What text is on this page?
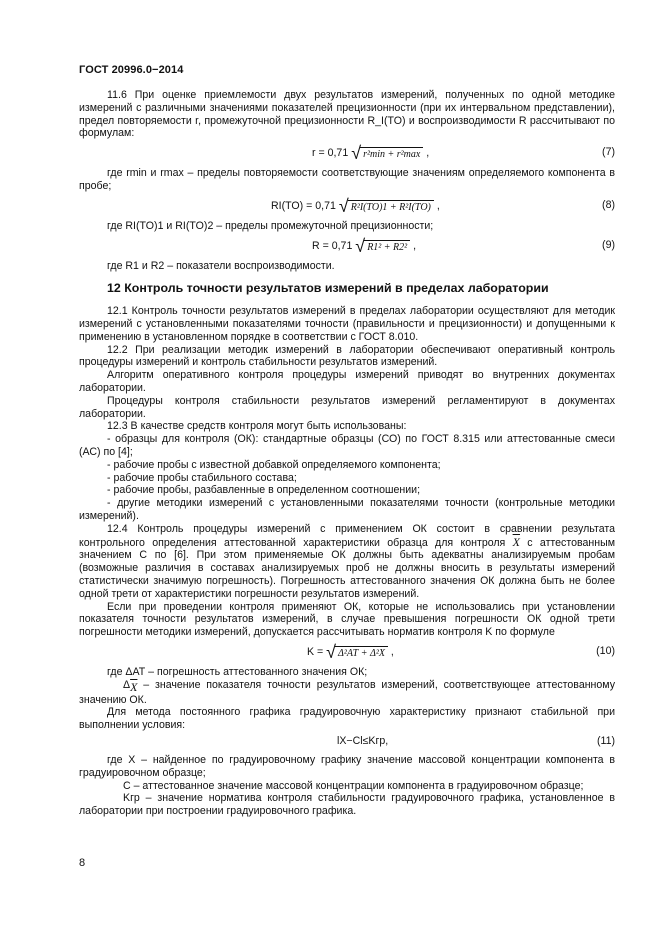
ГОСТ 20996.0−2014

11.6 При оценке приемлемости двух результатов измерений, полученных по одной методике измерений c различными значениями показателей прецизионности (при их интервальном представлении), предел повторяемости r, промежуточной прецизионности R_I(TO) и воспроизводимости R рассчитывают по формулам:

r = 0,71 √ r²min + r²max ,	(7)

где rmin и rmax – пределы повторяемости соответствующие значениям определяемого компонента в пробе;

RI(TO) = 0,71 √ R²I(TO)1 + R²I(TO) ,	(8)

где RI(TO)1 и RI(TO)2 – пределы промежуточной прецизионности;

R = 0,71 √ R1² + R2² ,	(9)

где R1 и R2 – показатели воспроизводимости.

12 Контроль точности результатов измерений в пределах лаборатории

12.1 Контроль точности результатов измерений в пределах лаборатории осуществляют для методик измерений с установленными показателями точности (правильности и прецизионности) и допущенными к применению в установленном порядке в соответствии с ГОСТ 8.010.

12.2 При реализации методик измерений в лаборатории обеспечивают оперативный контроль процедуры измерений и контроль стабильности результатов измерений.

Алгоритм оперативного контроля процедуры измерений приводят во внутренних документах лаборатории.

Процедуры контроля стабильности результатов измерений регламентируют в документах лаборатории.

12.3 В качестве средств контроля могут быть использованы:

- образцы для контроля (ОК): стандартные образцы (СО) по ГОСТ 8.315 или аттестованные смеси (АС) по [4];

- рабочие пробы с известной добавкой определяемого компонента;

- рабочие пробы стабильного состава;

- рабочие пробы, разбавленные в определенном соотношении;

- другие методики измерений с установленными показателями точности (контрольные методики измерений).

12.4 Контроль процедуры измерений с применением ОК состоит в сравнении результата контрольного определения аттестованной характеристики образца для контроля $\overline{X}$ с аттестованным значением С по [6]. При этом применяемые ОК должны быть адекватны анализируемым пробам (возможные различия в составах анализируемых проб не должны вносить в результаты измерений статистически значимую погрешность). Погрешность аттестованного значения ОК должна быть не более одной трети от характеристики погрешности результатов измерений.

Если при проведении контроля применяют ОК, которые не использовались при установлении показателя точности результатов измерений, в случае превышения погрешности ОК одной трети погрешности методики измерений, допускается рассчитывать норматив контроля K по формуле

K = √ Δ²АТ + Δ²X ,	(10)

где ΔАТ – погрешность аттестованного значения ОК;

$\Delta_{\overline{X}}$ – значение показателя точности результатов измерений, соответствующее аттестованному значению ОК.

Для метода постоянного графика градуировочную характеристику признают стабильной при выполнении условия:

lX−Cl≤Kгр,	(11)

где X – найденное по градуировочному графику значение массовой концентрации компонента в градуировочном образце;

C – аттестованное значение массовой концентрации компонента в градуировочном образце;

Kгр – значение норматива контроля стабильности градуировочного графика, установленное в лаборатории при построении градуировочного графика.

8
